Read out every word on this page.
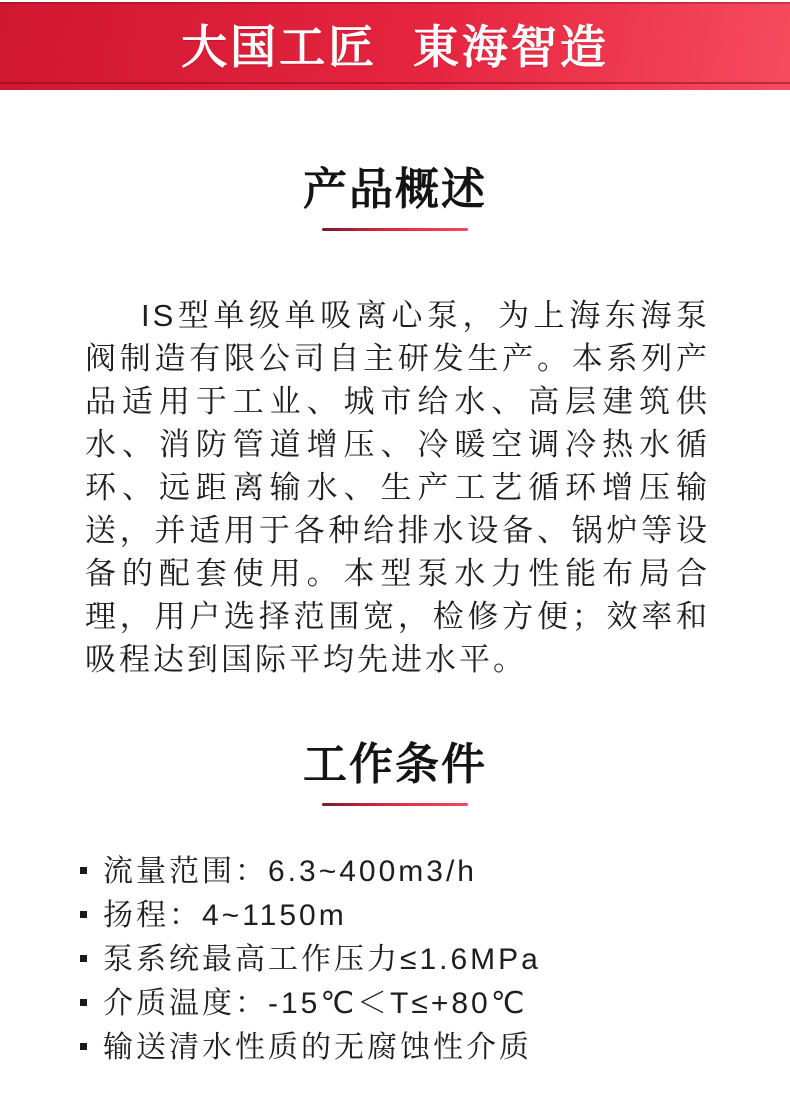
大国工匠 東海智造
产品概述

IS型单级单吸离心泵，为上海东海泵阀制造有限公司自主研发生产。本系列产品适用于工业、城市给水、高层建筑供水、消防管道增压、冷暖空调冷热水循环、远距离输水、生产工艺循环增压输送，并适用于各种给排水设备、锅炉等设备的配套使用。本型泵水力性能布局合理，用户选择范围宽，检修方便；效率和吸程达到国际平均先进水平。

工作条件
流量范围：6.3~400m3/h
扬程：4~1150m
泵系统最高工作压力≤1.6MPa
介质温度：-15℃＜T≤+80℃
输送清水性质的无腐蚀性介质
